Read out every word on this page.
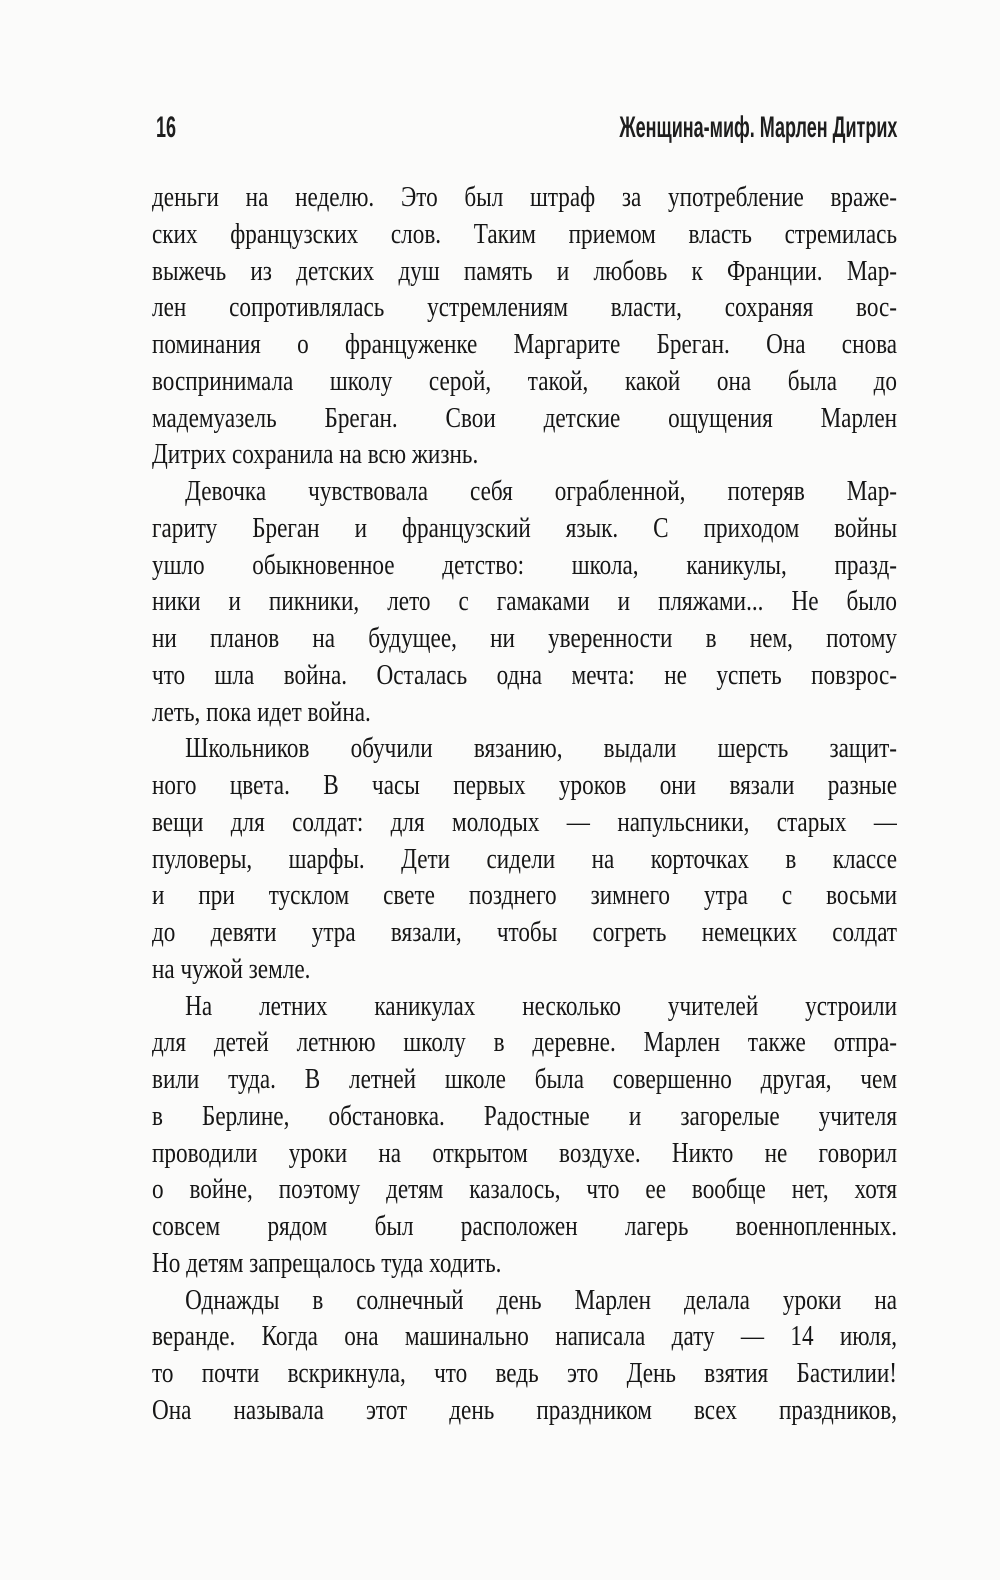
16	Женщина-миф. Марлен Дитрих
деньги на неделю. Это был штраф за употребление враже-
ских французских слов. Таким приемом власть стремилась
выжечь из детских душ память и любовь к Франции. Мар-
лен сопротивлялась устремлениям власти, сохраняя вос-
поминания о француженке Маргарите Бреган. Она снова
воспринимала школу серой, такой, какой она была до
мадемуазель Бреган. Свои детские ощущения Марлен
Дитрих сохранила на всю жизнь.
Девочка чувствовала себя ограбленной, потеряв Мар-
гариту Бреган и французский язык. С приходом войны
ушло обыкновенное детство: школа, каникулы, празд-
ники и пикники, лето с гамаками и пляжами... Не было
ни планов на будущее, ни уверенности в нем, потому
что шла война. Осталась одна мечта: не успеть повзрос-
леть, пока идет война.
Школьников обучили вязанию, выдали шерсть защит-
ного цвета. В часы первых уроков они вязали разные
вещи для солдат: для молодых — напульсники, старых —
пуловеры, шарфы. Дети сидели на корточках в классе
и при тусклом свете позднего зимнего утра с восьми
до девяти утра вязали, чтобы согреть немецких солдат
на чужой земле.
На летних каникулах несколько учителей устроили
для детей летнюю школу в деревне. Марлен также отпра-
вили туда. В летней школе была совершенно другая, чем
в Берлине, обстановка. Радостные и загорелые учителя
проводили уроки на открытом воздухе. Никто не говорил
о войне, поэтому детям казалось, что ее вообще нет, хотя
совсем рядом был расположен лагерь военнопленных.
Но детям запрещалось туда ходить.
Однажды в солнечный день Марлен делала уроки на
веранде. Когда она машинально написала дату — 14 июля,
то почти вскрикнула, что ведь это День взятия Бастилии!
Она называла этот день праздником всех праздников,
